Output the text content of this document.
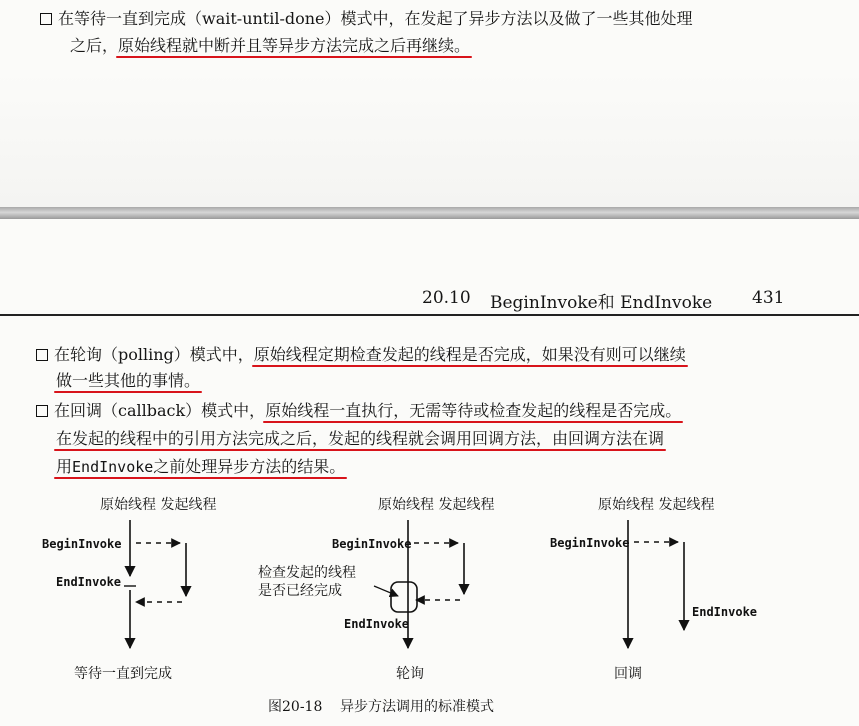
在等待一直到完成（wait-until-done）模式中，在发起了异步方法以及做了一些其他处理
之后，原始线程就中断并且等异步方法完成之后再继续。
20.10 BeginInvoke和 EndInvoke 431
在轮询（polling）模式中，原始线程定期检查发起的线程是否完成，如果没有则可以继续
做一些其他的事情。
在回调（callback）模式中，原始线程一直执行，无需等待或检查发起的线程是否完成。
在发起的线程中的引用方法完成之后，发起的线程就会调用回调方法，由回调方法在调
用EndInvoke之前处理异步方法的结果。
原始线程 发起线程
BeginInvoke
EndInvoke
等待一直到完成
原始线程 发起线程
BeginInvoke
检查发起的线程
是否已经完成
EndInvoke
轮询
原始线程 发起线程
BeginInvoke
EndInvoke
回调
图20-18 异步方法调用的标准模式
